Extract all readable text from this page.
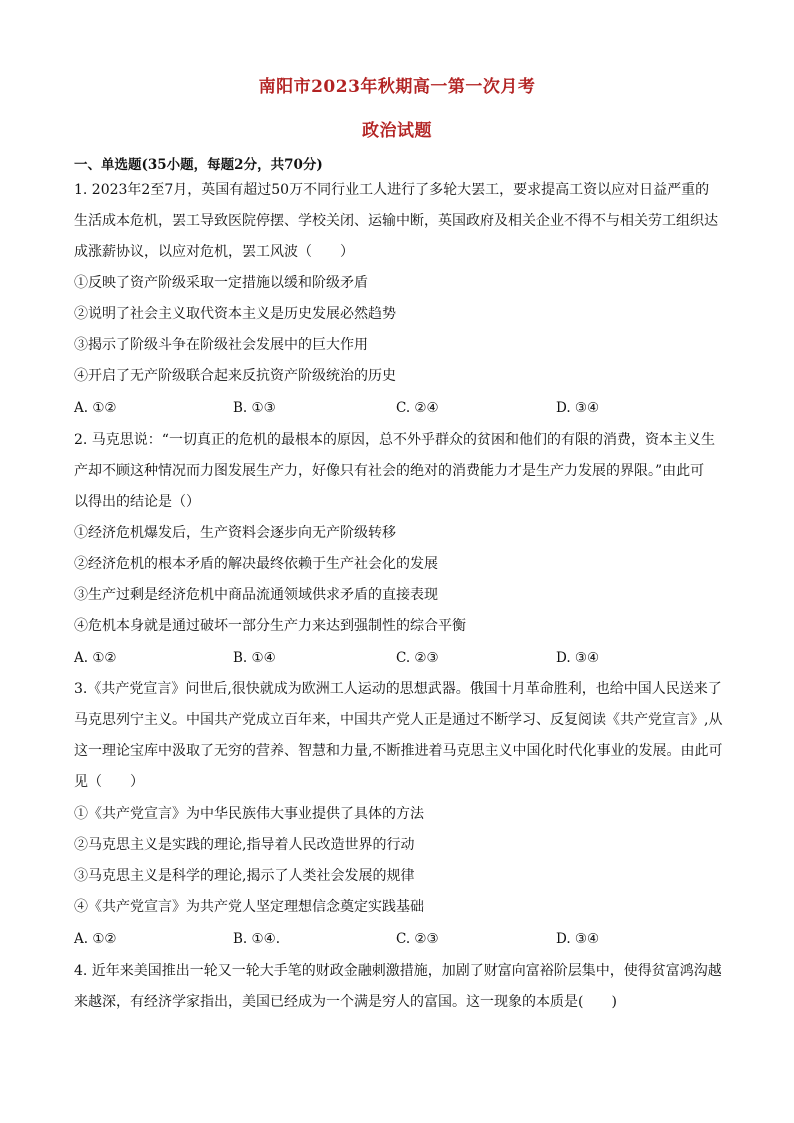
南阳市2023年秋期高一第一次月考
政治试题
一、单选题(35小题，每题2分，共70分)
1. 2023年2至7月，英国有超过50万不同行业工人进行了多轮大罢工，要求提高工资以应对日益严重的
生活成本危机，罢工导致医院停摆、学校关闭、运输中断，英国政府及相关企业不得不与相关劳工组织达
成涨薪协议，以应对危机，罢工风波（　　）
①反映了资产阶级采取一定措施以缓和阶级矛盾
②说明了社会主义取代资本主义是历史发展必然趋势
③揭示了阶级斗争在阶级社会发展中的巨大作用
④开启了无产阶级联合起来反抗资产阶级统治的历史
A. ①②	B. ①③	C. ②④	D. ③④
2. 马克思说：“一切真正的危机的最根本的原因，总不外乎群众的贫困和他们的有限的消费，资本主义生
产却不顾这种情况而力图发展生产力，好像只有社会的绝对的消费能力才是生产力发展的界限。”由此可
以得出的结论是（）
①经济危机爆发后，生产资料会逐步向无产阶级转移
②经济危机的根本矛盾的解决最终依赖于生产社会化的发展
③生产过剩是经济危机中商品流通领域供求矛盾的直接表现
④危机本身就是通过破坏一部分生产力来达到强制性的综合平衡
A. ①②	B. ①④	C. ②③	D. ③④
3.《共产党宣言》问世后,很快就成为欧洲工人运动的思想武器。俄国十月革命胜利，也给中国人民送来了
马克思列宁主义。中国共产党成立百年来，中国共产党人正是通过不断学习、反复阅读《共产党宣言》,从
这一理论宝库中汲取了无穷的营养、智慧和力量,不断推进着马克思主义中国化时代化事业的发展。由此可
见（　　）
①《共产党宣言》为中华民族伟大事业提供了具体的方法
②马克思主义是实践的理论,指导着人民改造世界的行动
③马克思主义是科学的理论,揭示了人类社会发展的规律
④《共产党宣言》为共产党人坚定理想信念奠定实践基础
A. ①②	B. ①④.	C. ②③	D. ③④
4. 近年来美国推出一轮又一轮大手笔的财政金融刺激措施，加剧了财富向富裕阶层集中，使得贫富鸿沟越
来越深，有经济学家指出，美国已经成为一个满是穷人的富国。这一现象的本质是(　　)
